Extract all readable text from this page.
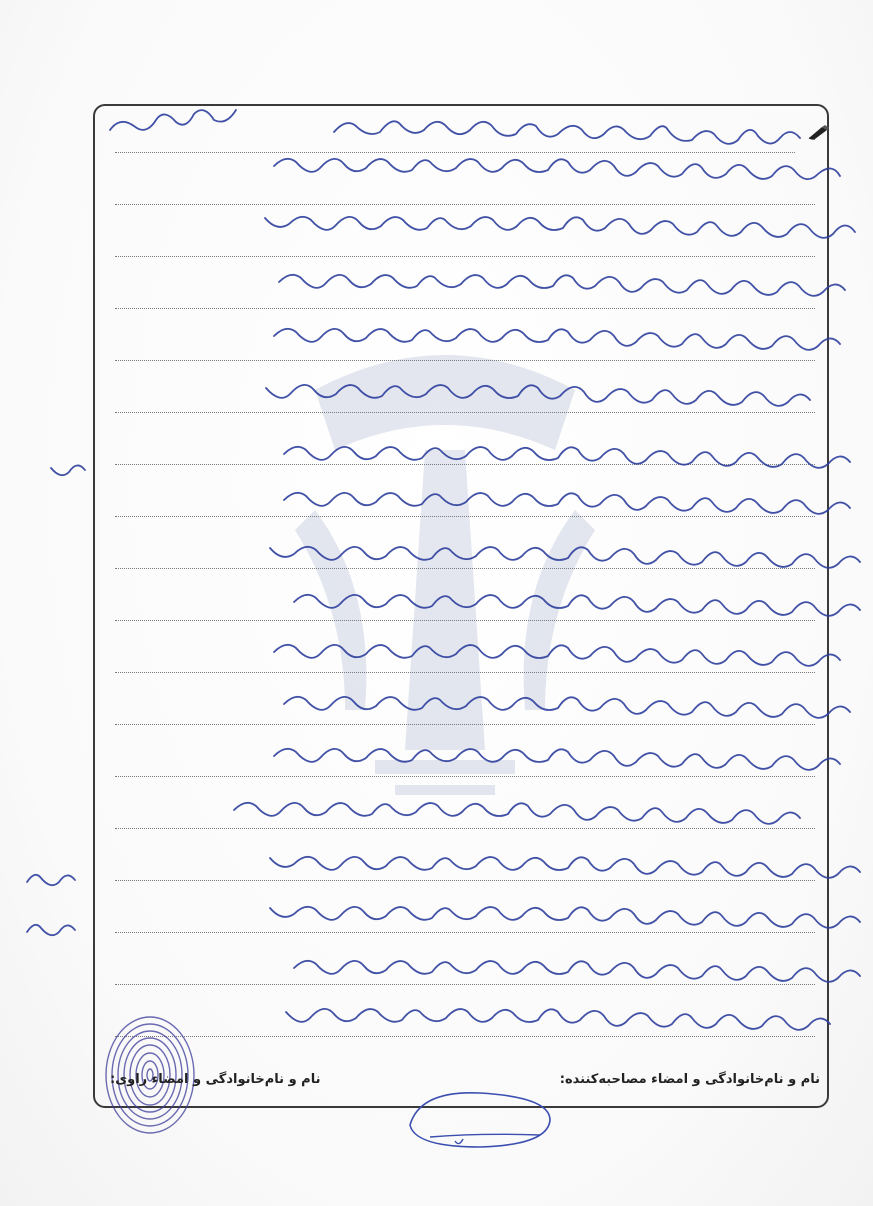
نام و نام‌خانوادگی و امضاء مصاحبه‌کننده:
نام و نام‌خانوادگی و امضاء راوی:
